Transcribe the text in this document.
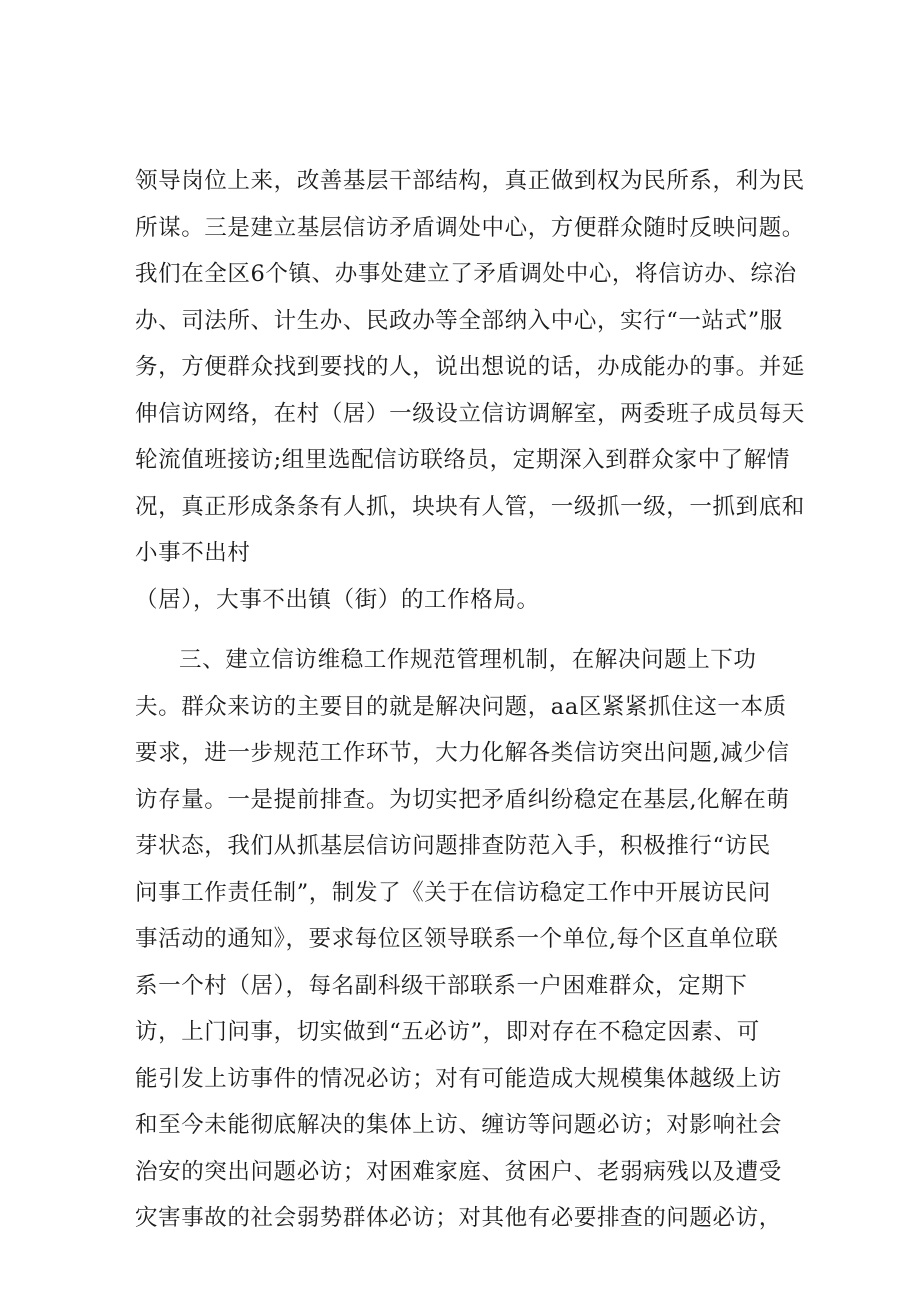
领导岗位上来，改善基层干部结构，真正做到权为民所系，利为民
所谋。三是建立基层信访矛盾调处中心，方便群众随时反映问题。
我们在全区6个镇、办事处建立了矛盾调处中心，将信访办、综治
办、司法所、计生办、民政办等全部纳入中心，实行“一站式”服
务，方便群众找到要找的人，说出想说的话，办成能办的事。并延
伸信访网络，在村（居）一级设立信访调解室，两委班子成员每天
轮流值班接访;组里选配信访联络员，定期深入到群众家中了解情
况，真正形成条条有人抓，块块有人管，一级抓一级，一抓到底和
小事不出村
（居），大事不出镇（街）的工作格局。
三、建立信访维稳工作规范管理机制，在解决问题上下功
夫。群众来访的主要目的就是解决问题，aa区紧紧抓住这一本质
要求，进一步规范工作环节，大力化解各类信访突出问题,减少信
访存量。一是提前排查。为切实把矛盾纠纷稳定在基层,化解在萌
芽状态，我们从抓基层信访问题排查防范入手，积极推行“访民
问事工作责任制”，制发了《关于在信访稳定工作中开展访民问
事活动的通知》，要求每位区领导联系一个单位,每个区直单位联
系一个村（居），每名副科级干部联系一户困难群众，定期下
访，上门问事，切实做到“五必访”，即对存在不稳定因素、可
能引发上访事件的情况必访；对有可能造成大规模集体越级上访
和至今未能彻底解决的集体上访、缠访等问题必访；对影响社会
治安的突出问题必访；对困难家庭、贫困户、老弱病残以及遭受
灾害事故的社会弱势群体必访；对其他有必要排查的问题必访，
